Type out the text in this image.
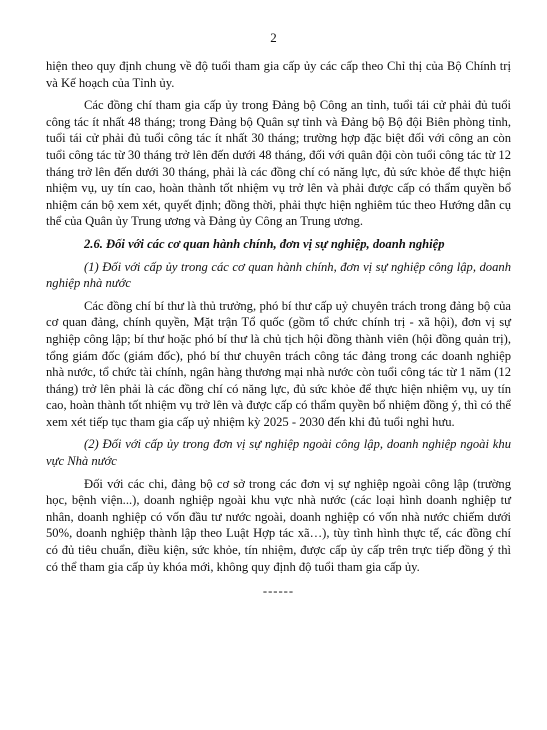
2

hiện theo quy định chung về độ tuổi tham gia cấp ủy các cấp theo Chỉ thị của Bộ Chính trị và Kế hoạch của Tỉnh ủy.

Các đồng chí tham gia cấp ủy trong Đảng bộ Công an tỉnh, tuổi tái cử phải đủ tuổi công tác ít nhất 48 tháng; trong Đảng bộ Quân sự tỉnh và Đảng bộ Bộ đội Biên phòng tỉnh, tuổi tái cử phải đủ tuổi công tác ít nhất 30 tháng; trường hợp đặc biệt đối với công an còn tuổi công tác từ 30 tháng trở lên đến dưới 48 tháng, đối với quân đội còn tuổi công tác từ 12 tháng trở lên đến dưới 30 tháng, phải là các đồng chí có năng lực, đủ sức khỏe để thực hiện nhiệm vụ, uy tín cao, hoàn thành tốt nhiệm vụ trở lên và phải được cấp có thẩm quyền bổ nhiệm cán bộ xem xét, quyết định; đồng thời, phải thực hiện nghiêm túc theo Hướng dẫn cụ thể của Quân ủy Trung ương và Đảng ủy Công an Trung ương.

2.6. Đối với các cơ quan hành chính, đơn vị sự nghiệp, doanh nghiệp

(1) Đối với cấp ủy trong các cơ quan hành chính, đơn vị sự nghiệp công lập, doanh nghiệp nhà nước

Các đồng chí bí thư là thủ trưởng, phó bí thư cấp uỷ chuyên trách trong đảng bộ của cơ quan đảng, chính quyền, Mặt trận Tổ quốc (gồm tổ chức chính trị - xã hội), đơn vị sự nghiệp công lập; bí thư hoặc phó bí thư là chủ tịch hội đồng thành viên (hội đồng quản trị), tổng giám đốc (giám đốc), phó bí thư chuyên trách công tác đảng trong các doanh nghiệp nhà nước, tổ chức tài chính, ngân hàng thương mại nhà nước còn tuổi công tác từ 1 năm (12 tháng) trở lên phải là các đồng chí có năng lực, đủ sức khỏe để thực hiện nhiệm vụ, uy tín cao, hoàn thành tốt nhiệm vụ trở lên và được cấp có thẩm quyền bổ nhiệm đồng ý, thì có thể xem xét tiếp tục tham gia cấp uỷ nhiệm kỳ 2025 - 2030 đến khi đủ tuổi nghỉ hưu.

(2) Đối với cấp ủy trong đơn vị sự nghiệp ngoài công lập, doanh nghiệp ngoài khu vực Nhà nước

Đối với các chi, đảng bộ cơ sở trong các đơn vị sự nghiệp ngoài công lập (trường học, bệnh viện...), doanh nghiệp ngoài khu vực nhà nước (các loại hình doanh nghiệp tư nhân, doanh nghiệp có vốn đầu tư nước ngoài, doanh nghiệp có vốn nhà nước chiếm dưới 50%, doanh nghiệp thành lập theo Luật Hợp tác xã…), tùy tình hình thực tế, các đồng chí có đủ tiêu chuẩn, điều kiện, sức khỏe, tín nhiệm, được cấp ủy cấp trên trực tiếp đồng ý thì có thể tham gia cấp ủy khóa mới, không quy định độ tuổi tham gia cấp ủy.

------
